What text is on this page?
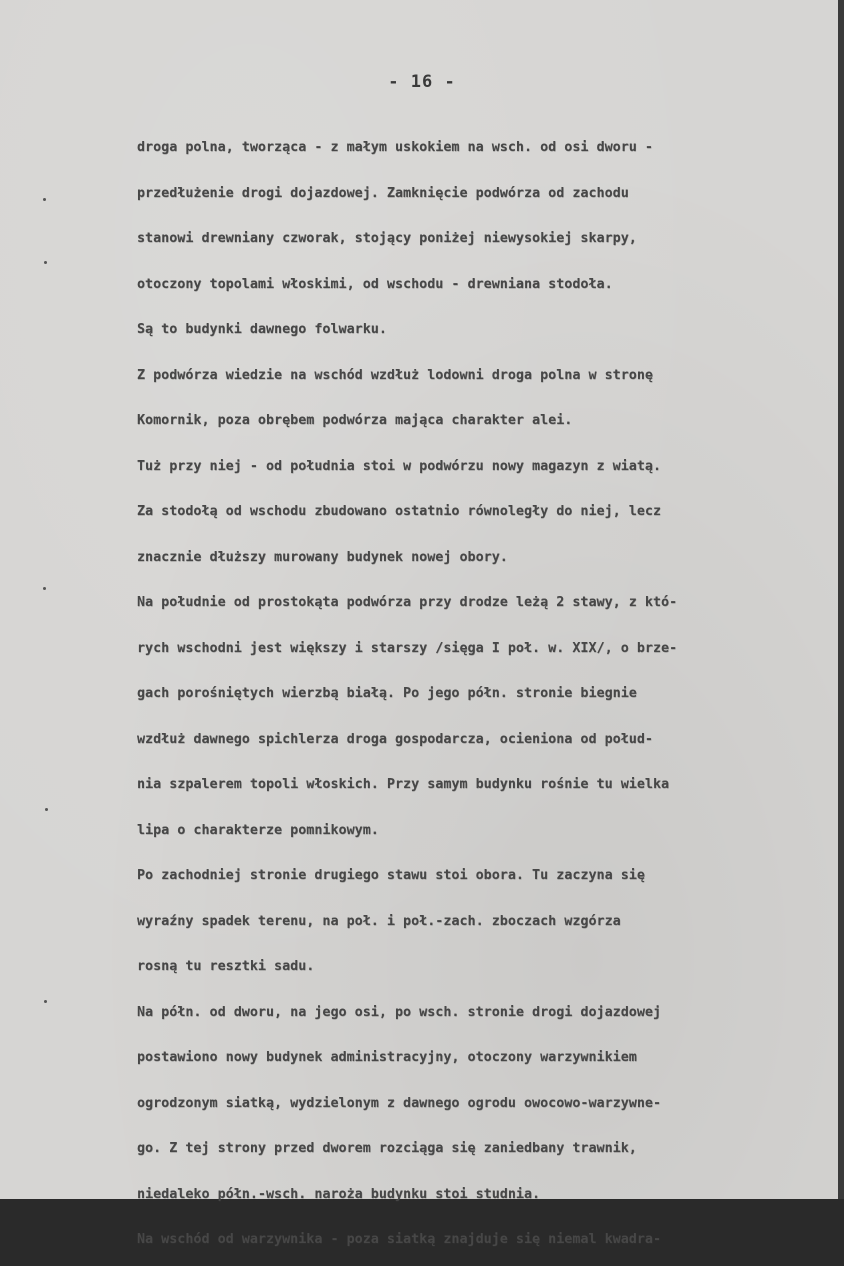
- 16 -
droga polna, tworząca - z małym uskokiem na wsch. od osi dworu -
przedłużenie drogi dojazdowej. Zamknięcie podwórza od zachodu
stanowi drewniany czworak, stojący poniżej niewysokiej skarpy,
otoczony topolami włoskimi, od wschodu - drewniana stodoła.
Są to budynki dawnego folwarku.
Z podwórza wiedzie na wschód wzdłuż lodowni droga polna w stronę
Komornik, poza obrębem podwórza mająca charakter alei.
Tuż przy niej - od południa stoi w podwórzu nowy magazyn z wiatą.
Za stodołą od wschodu zbudowano ostatnio równoległy do niej, lecz
znacznie dłuższy murowany budynek nowej obory.
Na południe od prostokąta podwórza przy drodze leżą 2 stawy, z któ-
rych wschodni jest większy i starszy /sięga I poł. w. XIX/, o brze-
gach porośniętych wierzbą białą. Po jego półn. stronie biegnie
wzdłuż dawnego spichlerza droga gospodarcza, ocieniona od połud-
nia szpalerem topoli włoskich. Przy samym budynku rośnie tu wielka
lipa o charakterze pomnikowym.
Po zachodniej stronie drugiego stawu stoi obora. Tu zaczyna się
wyraźny spadek terenu, na poł. i poł.-zach. zboczach wzgórza
rosną tu resztki sadu.
Na półn. od dworu, na jego osi, po wsch. stronie drogi dojazdowej
postawiono nowy budynek administracyjny, otoczony warzywnikiem
ogrodzonym siatką, wydzielonym z dawnego ogrodu owocowo-warzywne-
go. Z tej strony przed dworem rozciąga się zaniedbany trawnik,
niedaleko półn.-wsch. naroża budynku stoi studnia.
Na wschód od warzywnika - poza siatką znajduje się niemal kwadra-
